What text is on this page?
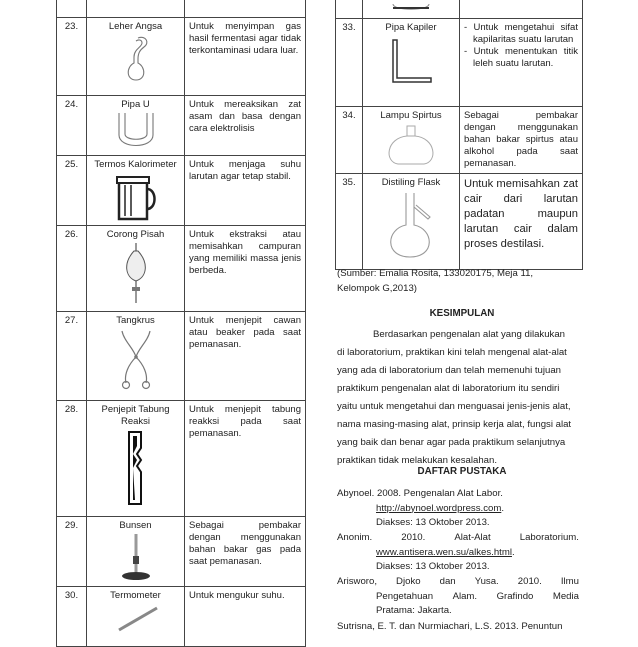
23.	Leher Angsa	Untuk menyimpan gas hasil fermentasi agar tidak terkontaminasi udara luar.
24.	Pipa U	Untuk mereaksikan zat asam dan basa dengan cara elektrolisis
25.	Termos Kalorimeter	Untuk menjaga suhu larutan agar tetap stabil.
26.	Corong Pisah	Untuk ekstraksi atau memisahkan campuran yang memiliki massa jenis berbeda.
27.	Tangkrus	Untuk menjepit cawan atau beaker pada saat pemanasan.
28.	Penjepit Tabung Reaksi	Untuk menjepit tabung reakksi pada saat pemanasan.
29.	Bunsen	Sebagai pembakar dengan menggunakan bahan bakar gas pada saat pemanasan.
30.	Termometer	Untuk mengukur suhu.

33.	Pipa Kapiler	- Untuk mengetahui sifat kapilaritas suatu larutan
- Untuk menentukan titik leleh suatu larutan.

34.	Lampu Spirtus	Sebagai pembakar dengan menggunakan bahan bakar spirtus atau alkohol pada saat pemanasan.
35.	Distiling Flask	Untuk memisahkan zat cair dari larutan padatan maupun larutan cair dalam proses destilasi.
(Sumber: Emalia Rosita, 133020175, Meja 11,
Kelompok G,2013)
KESIMPULAN
Berdasarkan pengenalan alat yang dilakukan
di laboratorium, praktikan kini telah mengenal alat-alat
yang ada di laboratorium dan telah memenuhi tujuan
praktikum pengenalan alat di laboratorium itu sendiri
yaitu untuk mengetahui dan menguasai jenis-jenis alat,
nama masing-masing alat, prinsip kerja alat, fungsi alat
yang baik dan benar agar pada praktikum selanjutnya
praktikan tidak melakukan kesalahan.
DAFTAR PUSTAKA
Abynoel. 2008. Pengenalan Alat Labor.
http://abynoel.wordpress.com.
Diakses: 13 Oktober 2013.
Anonim.	2010.	Alat-Alat	Laboratorium.
www.antisera.wen.su/alkes.html.
Diakses: 13 Oktober 2013.
Arisworo, Djoko dan Yusa. 2010. Ilmu
Pengetahuan Alam. Grafindo Media
Pratama: Jakarta.
Sutrisna, E. T. dan Nurmiachari, L.S. 2013. Penuntun
